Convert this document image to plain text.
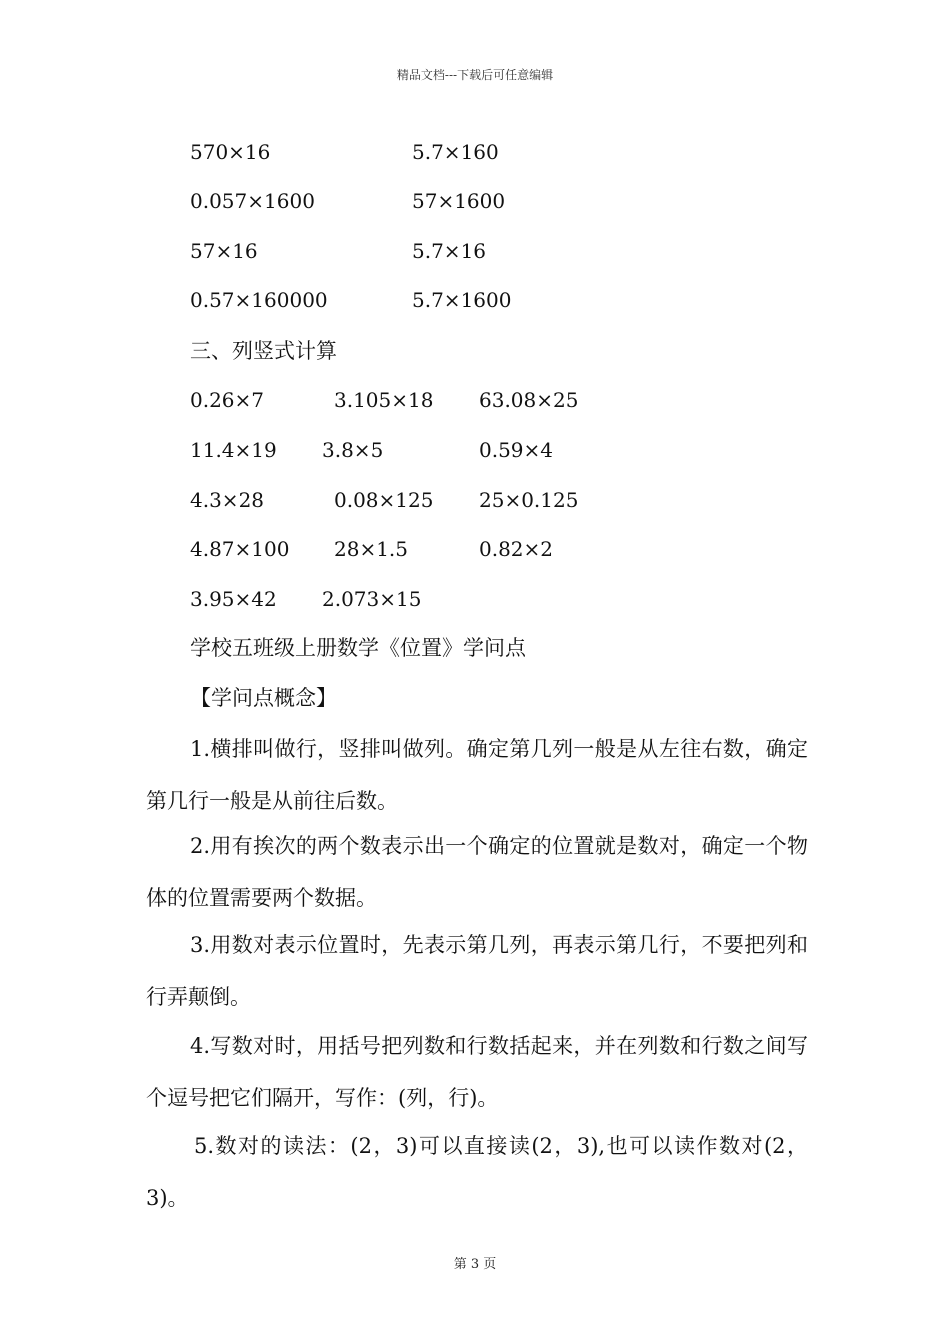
精品文档---下载后可任意编辑
570×16	5.7×160
0.057×1600	57×1600
57×16	5.7×16
0.57×160000	5.7×1600
三、列竖式计算
0.26×7	3.105×18 63.08×25
11.4×19 3.8×5	0.59×4
4.3×28	0.08×125 25×0.125
4.87×100 28×1.5	0.82×2
3.95×42 2.073×15
学校五班级上册数学《位置》学问点
【学问点概念】
1.横排叫做行，竖排叫做列。确定第几列一般是从左往右数，确定第几行一般是从前往后数。
2.用有挨次的两个数表示出一个确定的位置就是数对，确定一个物体的位置需要两个数据。
3.用数对表示位置时，先表示第几列，再表示第几行，不要把列和行弄颠倒。
4.写数对时，用括号把列数和行数括起来，并在列数和行数之间写个逗号把它们隔开，写作：(列，行)。
5.数对的读法：(2，3)可以直接读(2，3),也可以读作数对(2，3)。
第 3 页
